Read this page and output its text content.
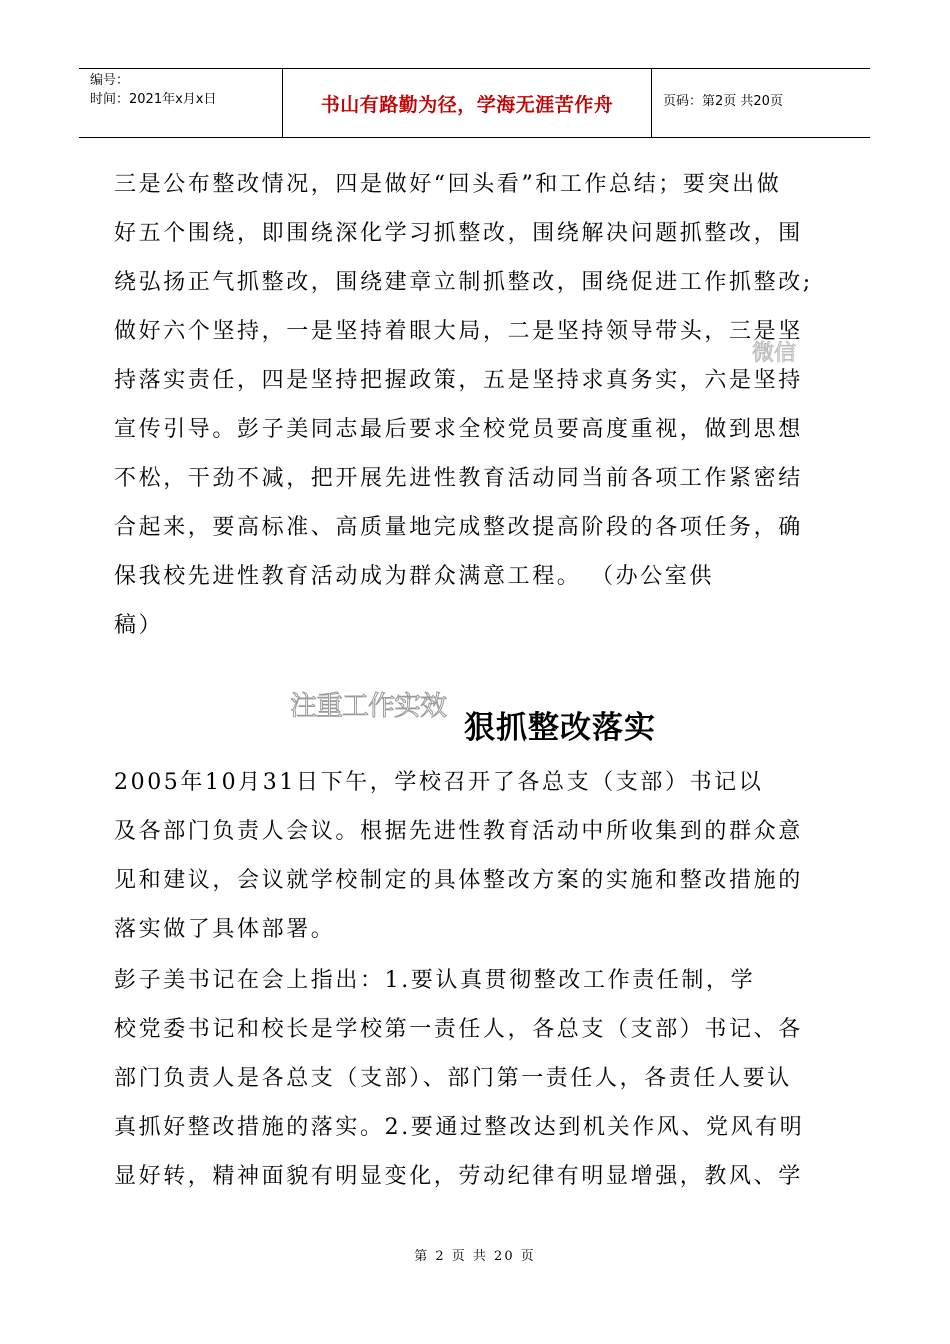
编号：
时间：2021年x月x日	书山有路勤为径，学海无涯苦作舟	页码：第2页 共20页
三是公布整改情况，四是做好“回头看”和工作总结；要突出做
好五个围绕，即围绕深化学习抓整改，围绕解决问题抓整改，围
绕弘扬正气抓整改，围绕建章立制抓整改，围绕促进工作抓整改;
做好六个坚持，一是坚持着眼大局，二是坚持领导带头，三是坚
持落实责任，四是坚持把握政策，五是坚持求真务实，六是坚持
宣传引导。彭子美同志最后要求全校党员要高度重视，做到思想
不松，干劲不减，把开展先进性教育活动同当前各项工作紧密结
合起来，要高标准、高质量地完成整改提高阶段的各项任务，确
保我校先进性教育活动成为群众满意工程。 （办公室供
稿）
微信
注重工作实效
狠抓整改落实
2005年10月31日下午，学校召开了各总支（支部）书记以
及各部门负责人会议。根据先进性教育活动中所收集到的群众意
见和建议，会议就学校制定的具体整改方案的实施和整改措施的
落实做了具体部署。
彭子美书记在会上指出：1.要认真贯彻整改工作责任制，学
校党委书记和校长是学校第一责任人，各总支（支部）书记、各
部门负责人是各总支（支部）、部门第一责任人，各责任人要认
真抓好整改措施的落实。2.要通过整改达到机关作风、党风有明
显好转，精神面貌有明显变化，劳动纪律有明显增强，教风、学
第 2 页 共 20 页
